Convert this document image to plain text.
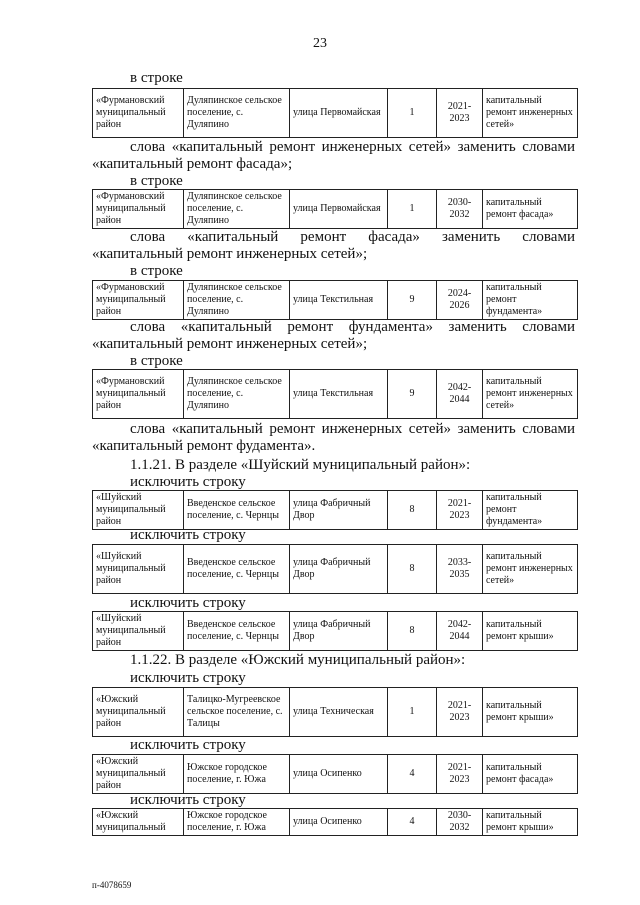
23
в строке
«Фурмановский муниципальный район	Дуляпинское сельское поселение, с. Дуляпино	улица Первомайская	1	2021-2023	капитальный ремонт инженерных сетей»
слова «капитальный ремонт инженерных сетей» заменить словами
«капитальный ремонт фасада»;
в строке
«Фурмановский муниципальный район	Дуляпинское сельское поселение, с. Дуляпино	улица Первомайская	1	2030-2032	капитальный ремонт фасада»
слова «капитальный ремонт фасада» заменить словами
«капитальный ремонт инженерных сетей»;
в строке
«Фурмановский муниципальный район	Дуляпинское сельское поселение, с. Дуляпино	улица Текстильная	9	2024-2026	капитальный ремонт фундамента»
слова «капитальный ремонт фундамента» заменить словами
«капитальный ремонт инженерных сетей»;
в строке
«Фурмановский муниципальный район	Дуляпинское сельское поселение, с. Дуляпино	улица Текстильная	9	2042-2044	капитальный ремонт инженерных сетей»
слова «капитальный ремонт инженерных сетей» заменить словами
«капитальный ремонт фудамента».
1.1.21. В разделе «Шуйский муниципальный район»:
исключить строку
«Шуйский муниципальный район	Введенское сельское поселение, с. Чернцы	улица Фабричный Двор	8	2021-2023	капитальный ремонт фундамента»
исключить строку
«Шуйский муниципальный район	Введенское сельское поселение, с. Чернцы	улица Фабричный Двор	8	2033-2035	капитальный ремонт инженерных сетей»
исключить строку
«Шуйский муниципальный район	Введенское сельское поселение, с. Чернцы	улица Фабричный Двор	8	2042-2044	капитальный ремонт крыши»
1.1.22. В разделе «Южский муниципальный район»:
исключить строку
«Южский муниципальный район	Талицко-Мугреевское сельское поселение, с. Талицы	улица Техническая	1	2021-2023	капитальный ремонт крыши»
исключить строку
«Южский муниципальный район	Южское городское поселение, г. Южа	улица Осипенко	4	2021-2023	капитальный ремонт фасада»
исключить строку
«Южский муниципальный	Южское городское поселение, г. Южа	улица Осипенко	4	2030-2032	капитальный ремонт крыши»
п-4078659
